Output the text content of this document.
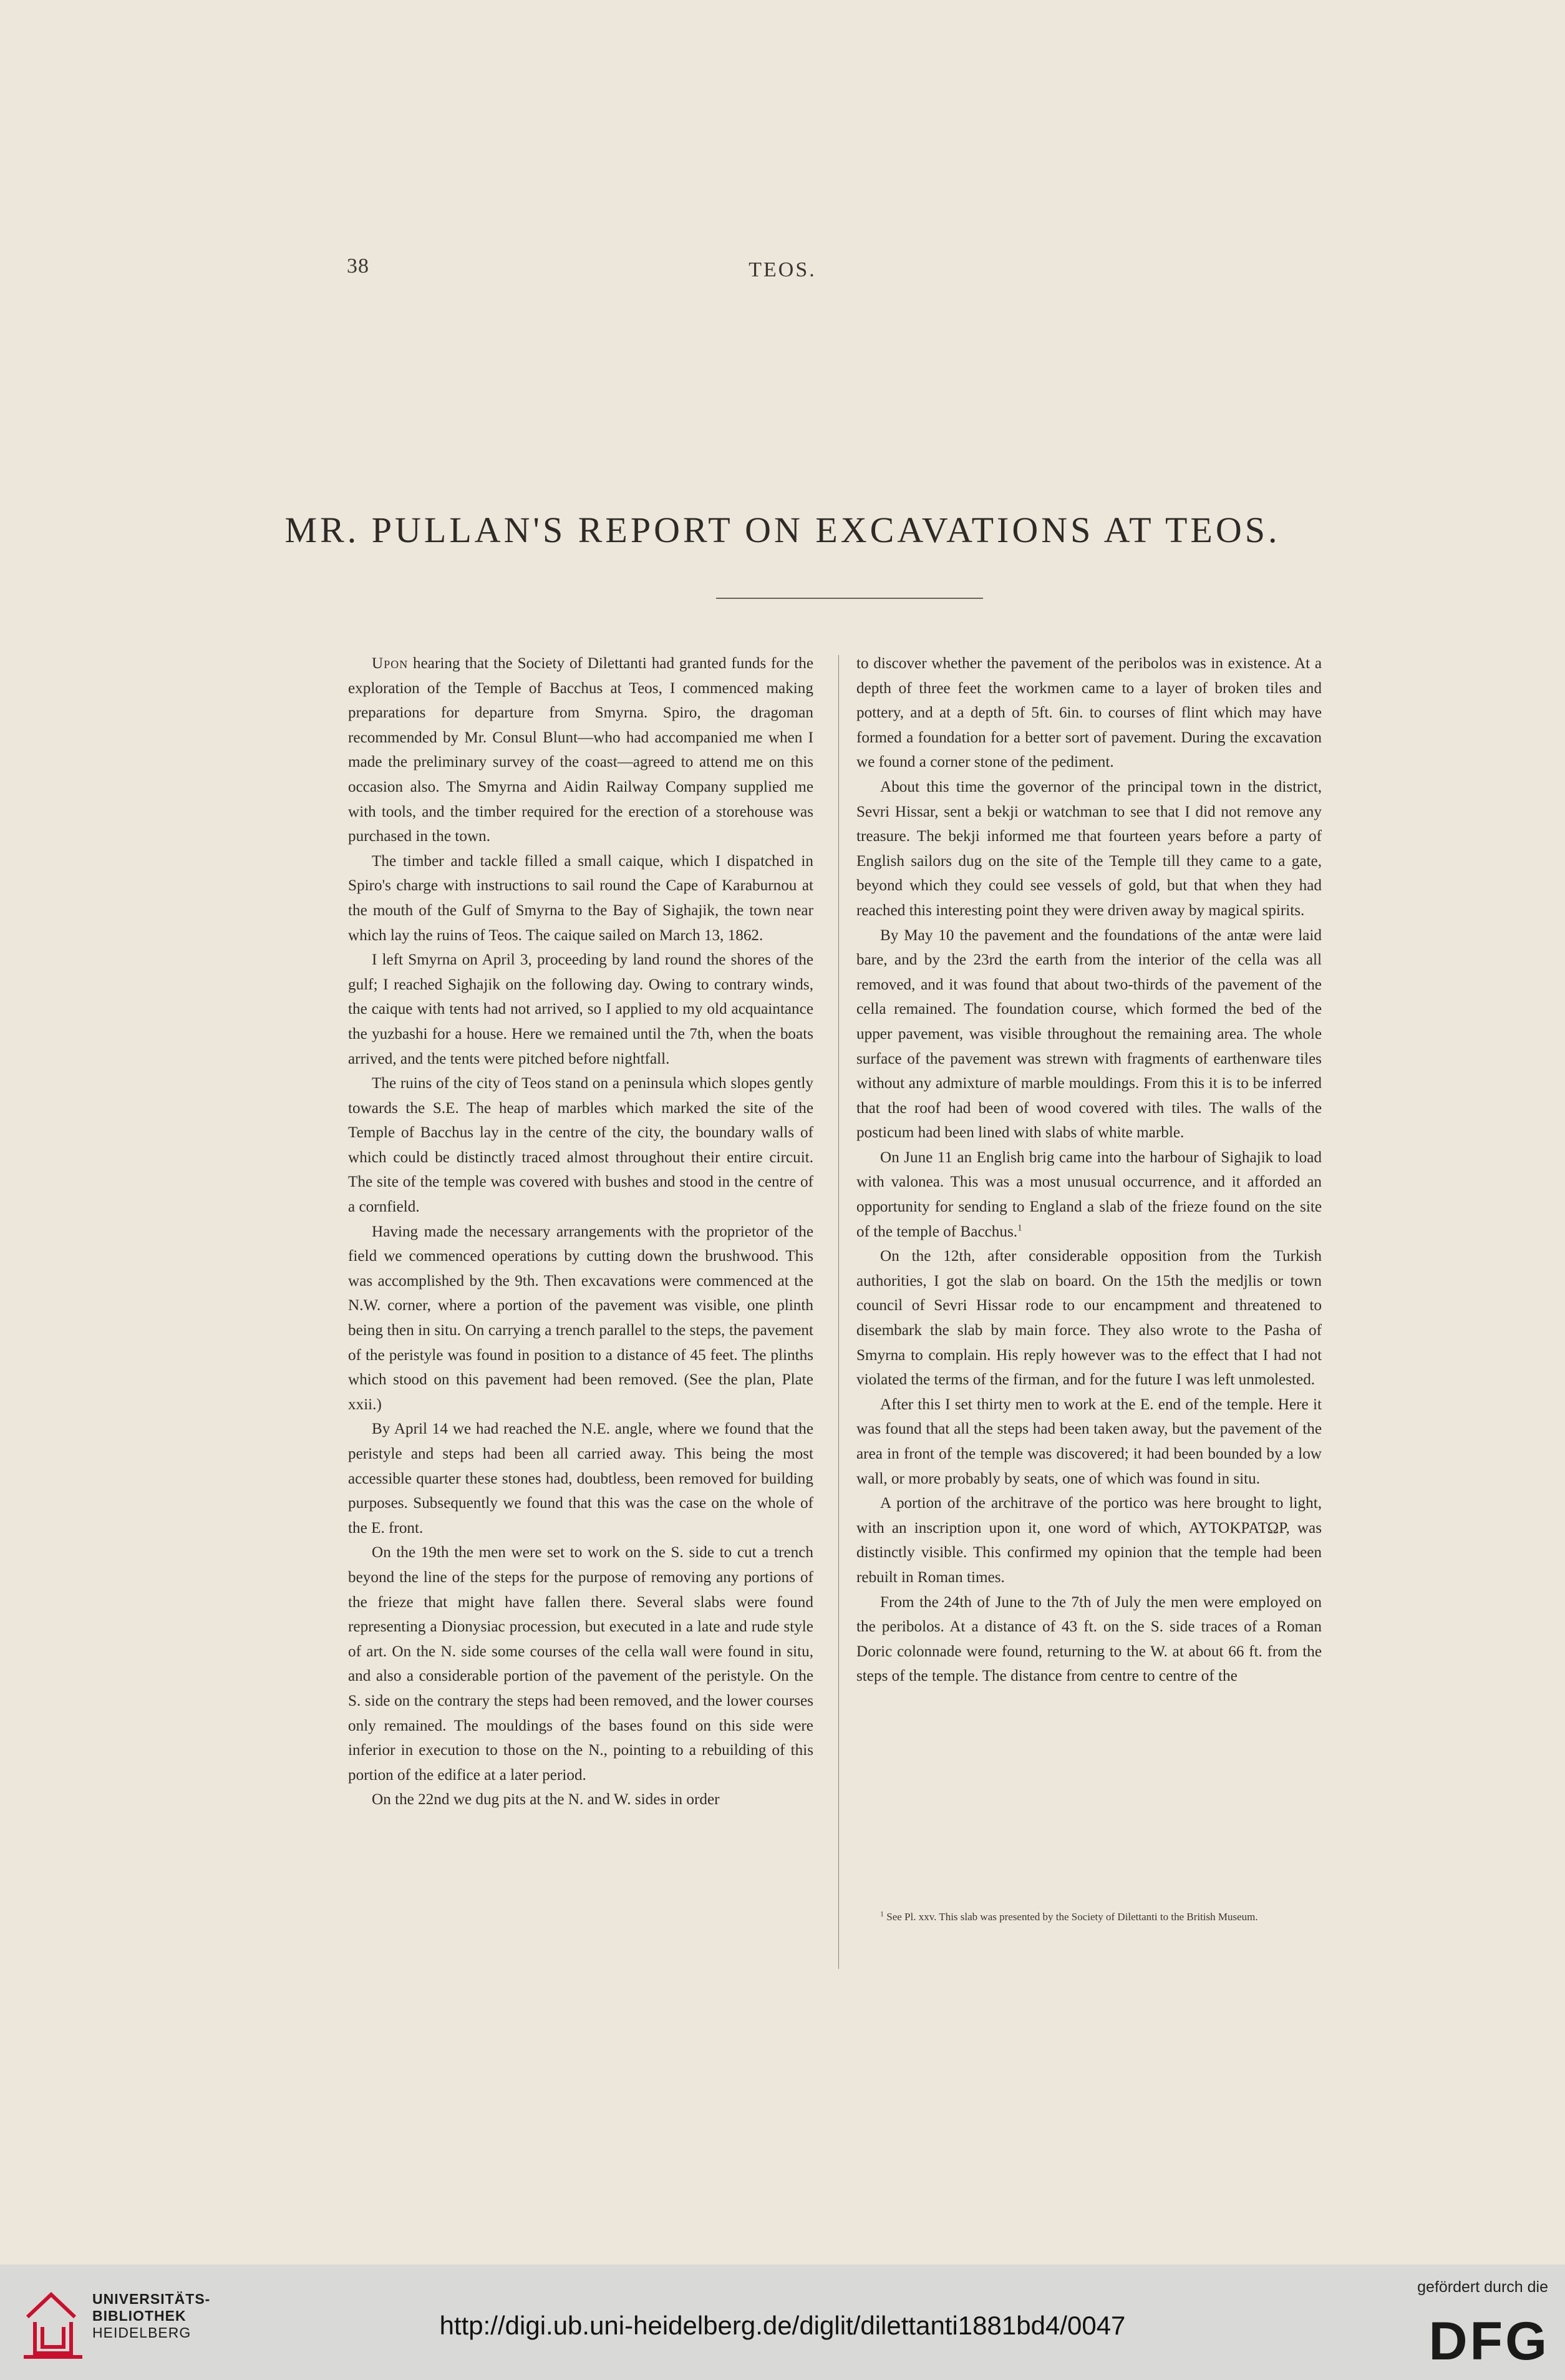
38	TEOS.
MR. PULLAN'S REPORT ON EXCAVATIONS AT TEOS.

Upon hearing that the Society of Dilettanti had granted funds for the exploration of the Temple of Bacchus at Teos, I commenced making preparations for departure from Smyrna. Spiro, the dragoman recommended by Mr. Consul Blunt—who had accompanied me when I made the preliminary survey of the coast—agreed to attend me on this occasion also. The Smyrna and Aidin Railway Company supplied me with tools, and the timber required for the erection of a storehouse was purchased in the town.

The timber and tackle filled a small caique, which I dispatched in Spiro's charge with instructions to sail round the Cape of Karaburnou at the mouth of the Gulf of Smyrna to the Bay of Sighajik, the town near which lay the ruins of Teos. The caique sailed on March 13, 1862.

I left Smyrna on April 3, proceeding by land round the shores of the gulf; I reached Sighajik on the following day. Owing to contrary winds, the caique with tents had not arrived, so I applied to my old acquaintance the yuzbashi for a house. Here we remained until the 7th, when the boats arrived, and the tents were pitched before nightfall.

The ruins of the city of Teos stand on a peninsula which slopes gently towards the S.E. The heap of marbles which marked the site of the Temple of Bacchus lay in the centre of the city, the boundary walls of which could be distinctly traced almost throughout their entire circuit. The site of the temple was covered with bushes and stood in the centre of a cornfield.

Having made the necessary arrangements with the proprietor of the field we commenced operations by cutting down the brushwood. This was accomplished by the 9th. Then excavations were commenced at the N.W. corner, where a portion of the pavement was visible, one plinth being then in situ. On carrying a trench parallel to the steps, the pavement of the peristyle was found in position to a distance of 45 feet. The plinths which stood on this pavement had been removed. (See the plan, Plate xxii.)

By April 14 we had reached the N.E. angle, where we found that the peristyle and steps had been all carried away. This being the most accessible quarter these stones had, doubtless, been removed for building purposes. Subsequently we found that this was the case on the whole of the E. front.

On the 19th the men were set to work on the S. side to cut a trench beyond the line of the steps for the purpose of removing any portions of the frieze that might have fallen there. Several slabs were found representing a Dionysiac procession, but executed in a late and rude style of art. On the N. side some courses of the cella wall were found in situ, and also a considerable portion of the pavement of the peristyle. On the S. side on the contrary the steps had been removed, and the lower courses only remained. The mouldings of the bases found on this side were inferior in execution to those on the N., pointing to a rebuilding of this portion of the edifice at a later period.

On the 22nd we dug pits at the N. and W. sides in order

to discover whether the pavement of the peribolos was in existence. At a depth of three feet the workmen came to a layer of broken tiles and pottery, and at a depth of 5ft. 6in. to courses of flint which may have formed a foundation for a better sort of pavement. During the excavation we found a corner stone of the pediment.

About this time the governor of the principal town in the district, Sevri Hissar, sent a bekji or watchman to see that I did not remove any treasure. The bekji informed me that fourteen years before a party of English sailors dug on the site of the Temple till they came to a gate, beyond which they could see vessels of gold, but that when they had reached this interesting point they were driven away by magical spirits.

By May 10 the pavement and the foundations of the antæ were laid bare, and by the 23rd the earth from the interior of the cella was all removed, and it was found that about two-thirds of the pavement of the cella remained. The foundation course, which formed the bed of the upper pavement, was visible throughout the remaining area. The whole surface of the pavement was strewn with fragments of earthenware tiles without any admixture of marble mouldings. From this it is to be inferred that the roof had been of wood covered with tiles. The walls of the posticum had been lined with slabs of white marble.

On June 11 an English brig came into the harbour of Sighajik to load with valonea. This was a most unusual occurrence, and it afforded an opportunity for sending to England a slab of the frieze found on the site of the temple of Bacchus.$^1$

On the 12th, after considerable opposition from the Turkish authorities, I got the slab on board. On the 15th the medjlis or town council of Sevri Hissar rode to our encampment and threatened to disembark the slab by main force. They also wrote to the Pasha of Smyrna to complain. His reply however was to the effect that I had not violated the terms of the firman, and for the future I was left unmolested.

After this I set thirty men to work at the E. end of the temple. Here it was found that all the steps had been taken away, but the pavement of the area in front of the temple was discovered; it had been bounded by a low wall, or more probably by seats, one of which was found in situ.

A portion of the architrave of the portico was here brought to light, with an inscription upon it, one word of which, ΑΥΤΟΚΡΑΤΩΡ, was distinctly visible. This confirmed my opinion that the temple had been rebuilt in Roman times.

From the 24th of June to the 7th of July the men were employed on the peribolos. At a distance of 43 ft. on the S. side traces of a Roman Doric colonnade were found, returning to the W. at about 66 ft. from the steps of the temple. The distance from centre to centre of the

$^1$ See Pl. xxv. This slab was presented by the Society of Dilettanti to the British Museum.
UNIVERSITÄTS-
BIBLIOTHEK
HEIDELBERG	http://digi.ub.uni-heidelberg.de/diglit/dilettanti1881bd4/0047
gefördert durch die
DFG
